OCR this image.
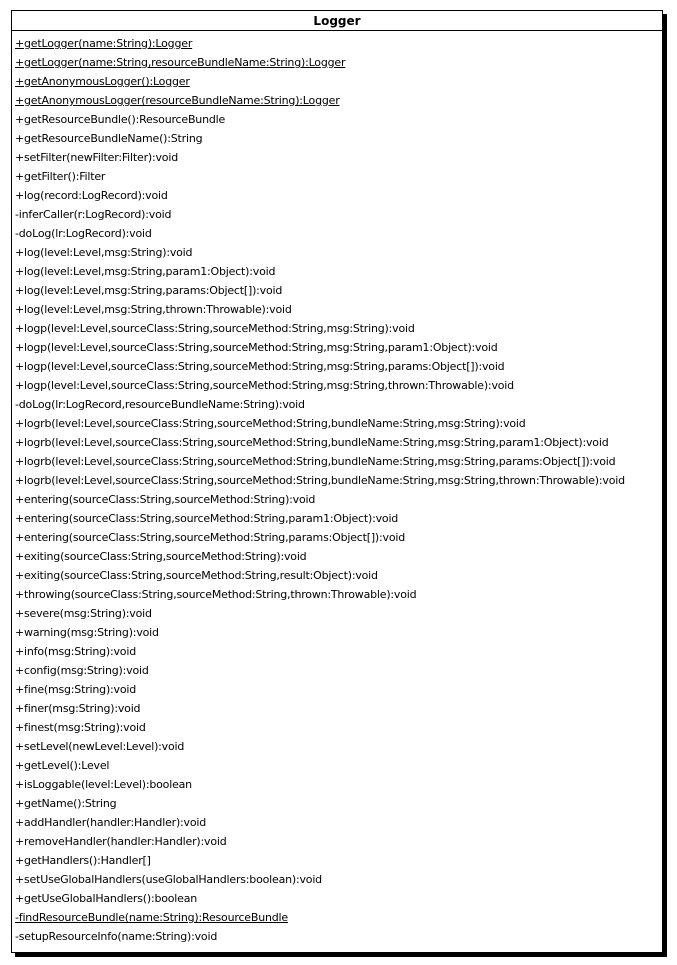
Logger
+getLogger(name:String):Logger
+getLogger(name:String,resourceBundleName:String):Logger
+getAnonymousLogger():Logger
+getAnonymousLogger(resourceBundleName:String):Logger
+getResourceBundle():ResourceBundle
+getResourceBundleName():String
+setFilter(newFilter:Filter):void
+getFilter():Filter
+log(record:LogRecord):void
-inferCaller(r:LogRecord):void
-doLog(lr:LogRecord):void
+log(level:Level,msg:String):void
+log(level:Level,msg:String,param1:Object):void
+log(level:Level,msg:String,params:Object[]):void
+log(level:Level,msg:String,thrown:Throwable):void
+logp(level:Level,sourceClass:String,sourceMethod:String,msg:String):void
+logp(level:Level,sourceClass:String,sourceMethod:String,msg:String,param1:Object):void
+logp(level:Level,sourceClass:String,sourceMethod:String,msg:String,params:Object[]):void
+logp(level:Level,sourceClass:String,sourceMethod:String,msg:String,thrown:Throwable):void
-doLog(lr:LogRecord,resourceBundleName:String):void
+logrb(level:Level,sourceClass:String,sourceMethod:String,bundleName:String,msg:String):void
+logrb(level:Level,sourceClass:String,sourceMethod:String,bundleName:String,msg:String,param1:Object):void
+logrb(level:Level,sourceClass:String,sourceMethod:String,bundleName:String,msg:String,params:Object[]):void
+logrb(level:Level,sourceClass:String,sourceMethod:String,bundleName:String,msg:String,thrown:Throwable):void
+entering(sourceClass:String,sourceMethod:String):void
+entering(sourceClass:String,sourceMethod:String,param1:Object):void
+entering(sourceClass:String,sourceMethod:String,params:Object[]):void
+exiting(sourceClass:String,sourceMethod:String):void
+exiting(sourceClass:String,sourceMethod:String,result:Object):void
+throwing(sourceClass:String,sourceMethod:String,thrown:Throwable):void
+severe(msg:String):void
+warning(msg:String):void
+info(msg:String):void
+config(msg:String):void
+fine(msg:String):void
+finer(msg:String):void
+finest(msg:String):void
+setLevel(newLevel:Level):void
+getLevel():Level
+isLoggable(level:Level):boolean
+getName():String
+addHandler(handler:Handler):void
+removeHandler(handler:Handler):void
+getHandlers():Handler[]
+setUseGlobalHandlers(useGlobalHandlers:boolean):void
+getUseGlobalHandlers():boolean
-findResourceBundle(name:String):ResourceBundle
-setupResourceInfo(name:String):void
